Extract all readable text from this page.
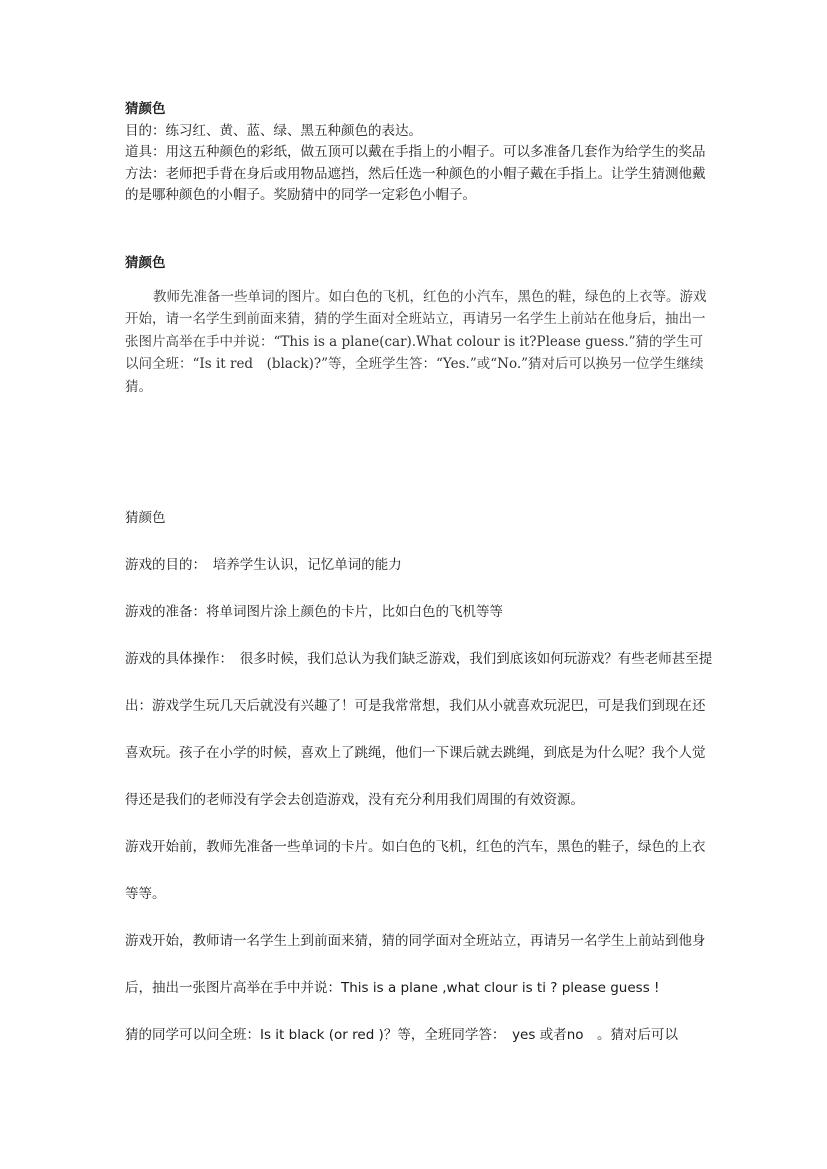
猜颜色

目的：练习红、黄、蓝、绿、黑五种颜色的表达。

道具：用这五种颜色的彩纸，做五顶可以戴在手指上的小帽子。可以多准备几套作为给学生的奖品

方法：老师把手背在身后或用物品遮挡，然后任选一种颜色的小帽子戴在手指上。让学生猜测他戴的是哪种颜色的小帽子。奖励猜中的同学一定彩色小帽子。

猜颜色

教师先准备一些单词的图片。如白色的飞机，红色的小汽车，黑色的鞋，绿色的上衣等。游戏开始，请一名学生到前面来猜，猜的学生面对全班站立，再请另一名学生上前站在他身后，抽出一张图片高举在手中并说：“This is a plane(car).What colour is it?Please guess.”猜的学生可以问全班：“Is it red　(black)?”等，全班学生答：“Yes.”或“No.”猜对后可以换另一位学生继续猜。

猜颜色

游戏的目的：　培养学生认识，记忆单词的能力

游戏的准备：将单词图片涂上颜色的卡片，比如白色的飞机等等

游戏的具体操作：　很多时候，我们总认为我们缺乏游戏，我们到底该如何玩游戏？有些老师甚至提出：游戏学生玩几天后就没有兴趣了！可是我常常想，我们从小就喜欢玩泥巴，可是我们到现在还喜欢玩。孩子在小学的时候，喜欢上了跳绳，他们一下课后就去跳绳，到底是为什么呢？我个人觉得还是我们的老师没有学会去创造游戏，没有充分利用我们周围的有效资源。

游戏开始前，教师先准备一些单词的卡片。如白色的飞机，红色的汽车，黑色的鞋子，绿色的上衣等等。

游戏开始，教师请一名学生上到前面来猜，猜的同学面对全班站立，再请另一名学生上前站到他身后，抽出一张图片高举在手中并说：This is a plane ,what clour is ti ? please guess !

猜的同学可以问全班：Is it black (or red )？等，全班同学答：　yes 或者no　。猜对后可以
